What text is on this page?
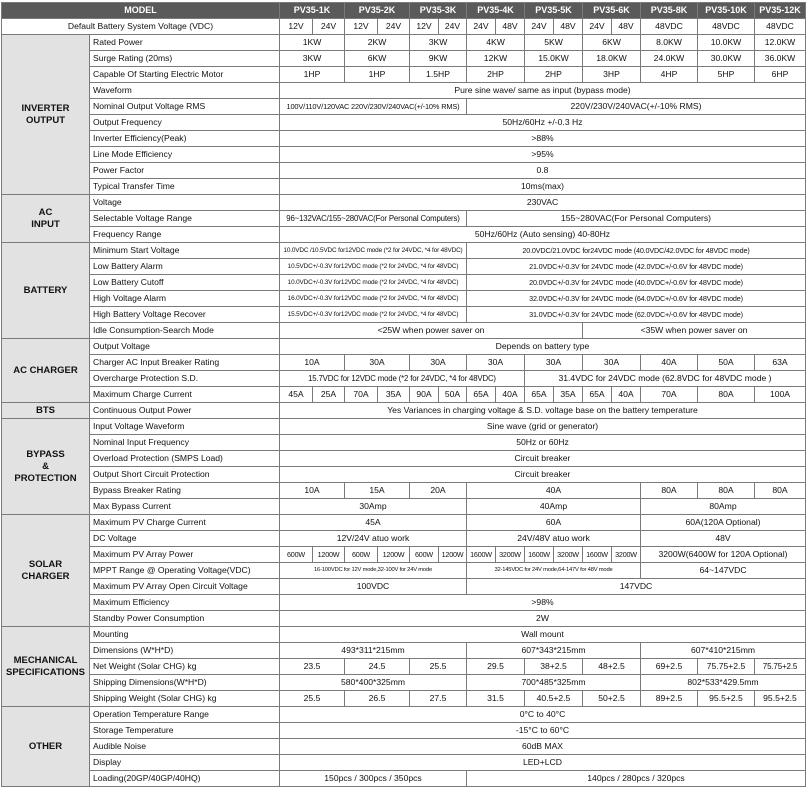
MODEL		PV35-1K		PV35-2K		PV35-3K		PV35-4K		PV35-5K		PV35-6K		PV35-8K	PV35-10K	PV35-12K
Default Battery System Voltage (VDC)		12V	24V	12V	24V	12V	24V	24V	48V	24V	48V	24V	48V	48VDC	48VDC	48VDC

INVERTER
OUTPUT	Rated Power	1KW		2KW		3KW		4KW		5KW		6KW		8.0KW	10.0KW	12.0KW
	Surge Rating (20ms)	3KW		6KW		9KW		12KW		15.0KW		18.0KW		24.0KW	30.0KW	36.0KW
	Capable Of Starting Electric Motor	1HP		1HP		1.5HP		2HP		2HP		3HP		4HP	5HP	6HP
	Waveform	Pure sine wave/ same as input (bypass mode)														
	Nominal Output Voltage RMS	100V/110V/120VAC 220V/230V/240VAC(+/-10% RMS)						220V/230V/240VAC(+/-10% RMS)								
	Output Frequency	50Hz/60Hz +/-0.3 Hz														
	Inverter Efficiency(Peak)	>88%														
	Line Mode Efficiency	>95%														
	Power Factor	0.8														
	Typical Transfer Time	10ms(max)														

AC
INPUT	Voltage	230VAC														
	Selectable Voltage Range	96~132VAC/155~280VAC(For Personal Computers)						155~280VAC(For Personal Computers)								
	Frequency Range	50Hz/60Hz (Auto sensing) 40-80Hz														
BATTERY	Minimum Start Voltage	10.0VDC /10.5VDC for12VDC mode (*2 for 24VDC, *4 for 48VDC)						20.0VDC/21.0VDC for24VDC mode (40.0VDC/42.0VDC for 48VDC mode)								
	Low Battery Alarm	10.5VDC+/-0.3V for12VDC mode (*2 for 24VDC, *4 for 48VDC)						21.0VDC+/-0.3V for 24VDC mode (42.0VDC+/-0.6V for 48VDC mode)								
	Low Battery Cutoff	10.0VDC+/-0.3V for12VDC mode (*2 for 24VDC, *4 for 48VDC)						20.0VDC+/-0.3V for 24VDC mode (40.0VDC+/-0.6V for 48VDC mode)								
	High Voltage Alarm	16.0VDC+/-0.3V for12VDC mode (*2 for 24VDC, *4 for 48VDC)						32.0VDC+/-0.3V for 24VDC mode (64.0VDC+/-0.6V for 48VDC mode)								
	High Battery Voltage Recover	15.5VDC+/-0.3V for12VDC mode (*2 for 24VDC, *4 for 48VDC)						31.0VDC+/-0.3V for 24VDC mode (62.0VDC+/-0.6V for 48VDC mode)								
	Idle Consumption-Search Mode	<25W when power saver on										<35W when power saver on				
AC CHARGER	Output Voltage	Depends on battery type														
	Charger AC Input Breaker Rating	10A		30A		30A		30A		30A		30A		40A	50A	63A
	Overcharge Protection S.D.	15.7VDC for 12VDC mode (*2 for 24VDC, *4 for 48VDC)								31.4VDC for 24VDC mode (62.8VDC for 48VDC mode )						
	Maximum Charge Current	45A	25A	70A	35A	90A	50A	65A	40A	65A	35A	65A	40A	70A	80A	100A
BTS	Continuous Output Power	Yes Variances in charging voltage & S.D. voltage base on the battery temperature														

BYPASS
&
PROTECTION	Input Voltage Waveform	Sine wave (grid or generator)														
	Nominal Input Frequency	50Hz or 60Hz														
	Overload Protection (SMPS Load)	Circuit breaker														
	Output Short Circuit Protection	Circuit breaker														
	Bypass Breaker Rating	10A		15A		20A		40A						80A	80A	80A
	Max Bypass Current	30Amp						40Amp						80Amp		

SOLAR
CHARGER	Maximum PV Charge Current	45A						60A						60A(120A Optional)		
	DC Voltage	12V/24V atuo work						24V/48V atuo work						48V		
	Maximum PV Array Power	600W	1200W	600W	1200W	600W	1200W	1600W	3200W	1600W	3200W	1600W	3200W	3200W(6400W for 120A Optional)		
	MPPT Range @ Operating Voltage(VDC)	16-100VDC for 12V mode,32-100V for 24V mode						32-145VDC for 24V mode,64-147V for 48V mode						64~147VDC		
	Maximum PV Array Open Circuit Voltage	100VDC						147VDC								
	Maximum Efficiency	>98%														
	Standby Power Consumption	2W														

MECHANICAL
SPECIFICATIONS	Mounting	Wall mount														
	Dimensions (W*H*D)	493*311*215mm						607*343*215mm						607*410*215mm		
	Net Weight (Solar CHG) kg	23.5		24.5		25.5		29.5		38+2.5		48+2.5		69+2.5	75.75+2.5	75.75+2.5
	Shipping Dimensions(W*H*D)	580*400*325mm						700*485*325mm						802*533*429.5mm		
	Shipping Weight (Solar CHG) kg	25.5		26.5		27.5		31.5		40.5+2.5		50+2.5		89+2.5	95.5+2.5	95.5+2.5
OTHER	Operation Temperature Range	0°C to 40°C														
	Storage Temperature	-15°C to 60°C														
	Audible Noise	60dB MAX														
	Display	LED+LCD														
	Loading(20GP/40GP/40HQ)	150pcs / 300pcs / 350pcs						140pcs / 280pcs / 320pcs								
